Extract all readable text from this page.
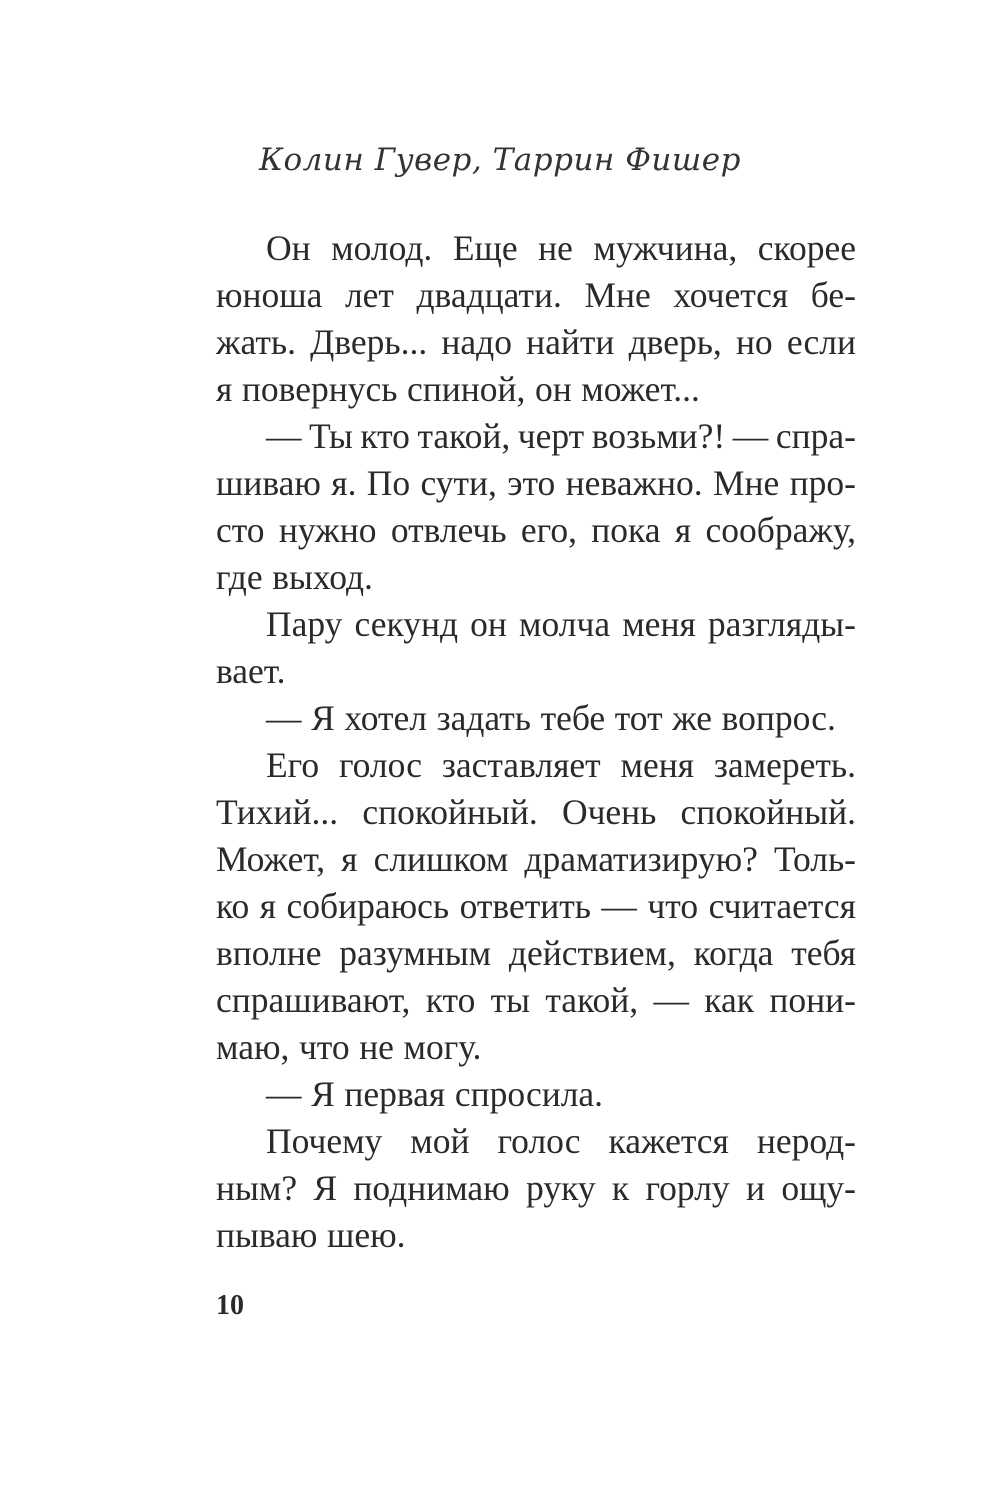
Колин Гувер, Таррин Фишер
Он молод. Еще не мужчина, скорее
юноша лет двадцати. Мне хочется бе-
жать. Дверь... надо найти дверь, но если
я повернусь спиной, он может...
— Ты кто такой, черт возьми?! — спра-
шиваю я. По сути, это неважно. Мне про-
сто нужно отвлечь его, пока я соображу,
где выход.
Пару секунд он молча меня разгляды-
вает.
— Я хотел задать тебе тот же вопрос.
Его голос заставляет меня замереть.
Тихий... спокойный. Очень спокойный.
Может, я слишком драматизирую? Толь-
ко я собираюсь ответить — что считается
вполне разумным действием, когда тебя
спрашивают, кто ты такой, — как пони-
маю, что не могу.
— Я первая спросила.
Почему мой голос кажется нерод-
ным? Я поднимаю руку к горлу и ощу-
пываю шею.
10
